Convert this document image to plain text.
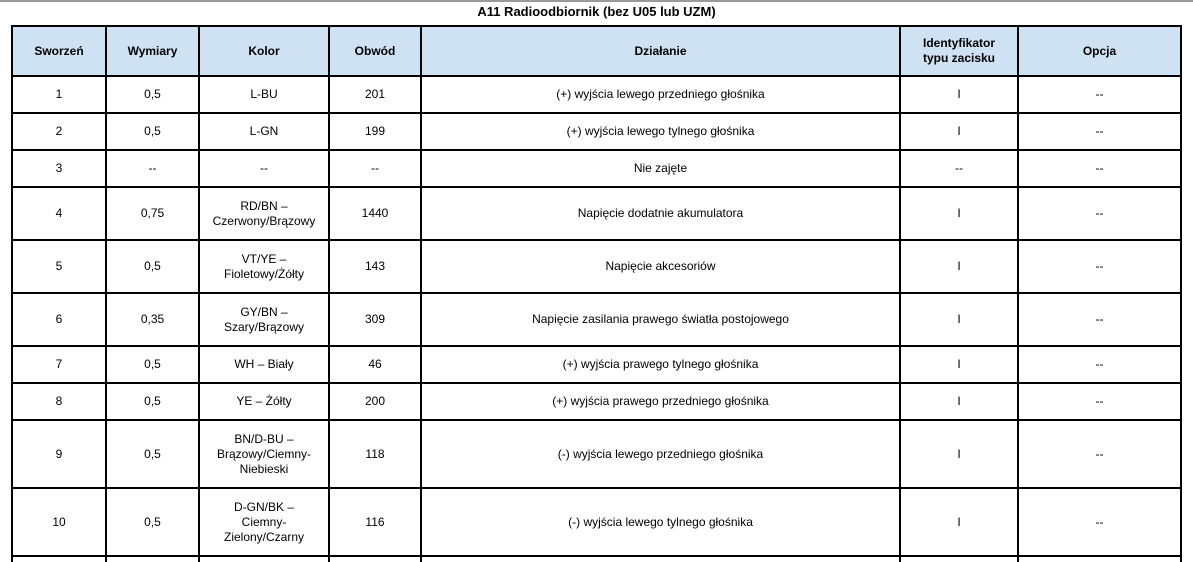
A11 Radioodbiornik (bez U05 lub UZM)
Sworzeń	Wymiary	Kolor	Obwód	Działanie	Identyfikator
typu zacisku	Opcja
1	0,5	L-BU	201	(+) wyjścia lewego przedniego głośnika	I	--
2	0,5	L-GN	199	(+) wyjścia lewego tylnego głośnika	I	--
3	--	--	--	Nie zajęte	--	--
4	0,75	RD/BN –
Czerwony/Brązowy	1440	Napięcie dodatnie akumulatora	I	--
5	0,5	VT/YE –
Fioletowy/Żółty	143	Napięcie akcesoriów	I	--
6	0,35	GY/BN –
Szary/Brązowy	309	Napięcie zasilania prawego światła postojowego	I	--
7	0,5	WH – Biały	46	(+) wyjścia prawego tylnego głośnika	I	--
8	0,5	YE – Żółty	200	(+) wyjścia prawego przedniego głośnika	I	--
9	0,5	BN/D-BU –
Brązowy/Ciemny-
Niebieski	118	(-) wyjścia lewego przedniego głośnika	I	--
10	0,5	D-GN/BK –
Ciemny-
Zielony/Czarny	116	(-) wyjścia lewego tylnego głośnika	I	--
